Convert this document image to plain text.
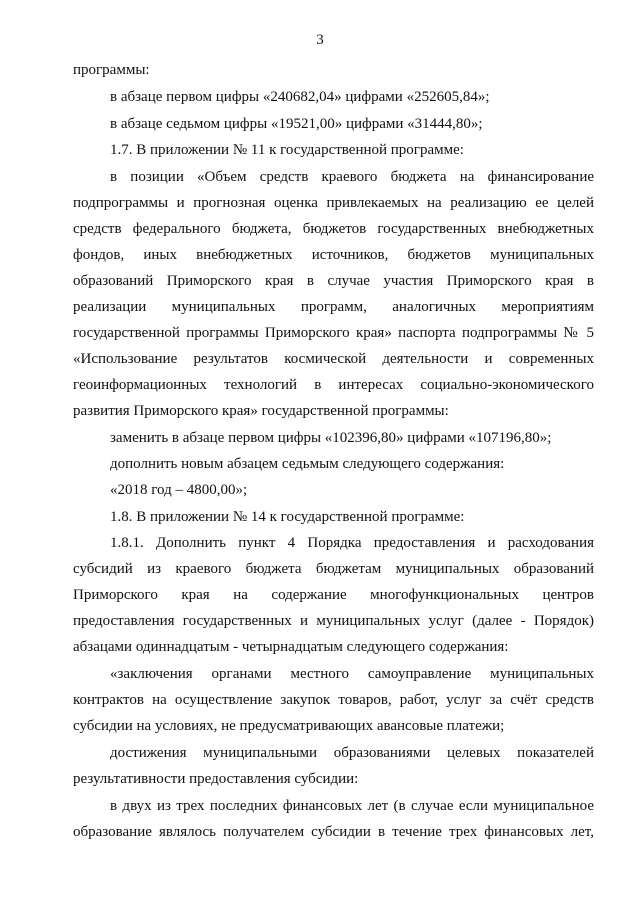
3
программы:
в абзаце первом цифры «240682,04» цифрами «252605,84»;
в абзаце седьмом цифры «19521,00» цифрами «31444,80»;
1.7. В приложении № 11 к государственной программе:
в позиции «Объем средств краевого бюджета на финансирование
подпрограммы и прогнозная оценка привлекаемых на реализацию ее целей
средств федерального бюджета, бюджетов государственных внебюджетных
фондов, иных внебюджетных источников, бюджетов муниципальных
образований Приморского края в случае участия Приморского края в
реализации муниципальных программ, аналогичных мероприятиям
государственной программы Приморского края» паспорта подпрограммы № 5
«Использование результатов космической деятельности и современных
геоинформационных технологий в интересах социально-экономического
развития Приморского края» государственной программы:
заменить в абзаце первом цифры «102396,80» цифрами «107196,80»;
дополнить новым абзацем седьмым следующего содержания:
«2018 год – 4800,00»;
1.8. В приложении № 14 к государственной программе:
1.8.1. Дополнить пункт 4 Порядка предоставления и расходования
субсидий из краевого бюджета бюджетам муниципальных образований
Приморского края на содержание многофункциональных центров
предоставления государственных и муниципальных услуг (далее - Порядок)
абзацами одиннадцатым - четырнадцатым следующего содержания:
«заключения органами местного самоуправление муниципальных
контрактов на осуществление закупок товаров, работ, услуг за счёт средств
субсидии на условиях, не предусматривающих авансовые платежи;
достижения муниципальными образованиями целевых показателей
результативности предоставления субсидии:
в двух из трех последних финансовых лет (в случае если муниципальное
образование являлось получателем субсидии в течение трех финансовых лет,
